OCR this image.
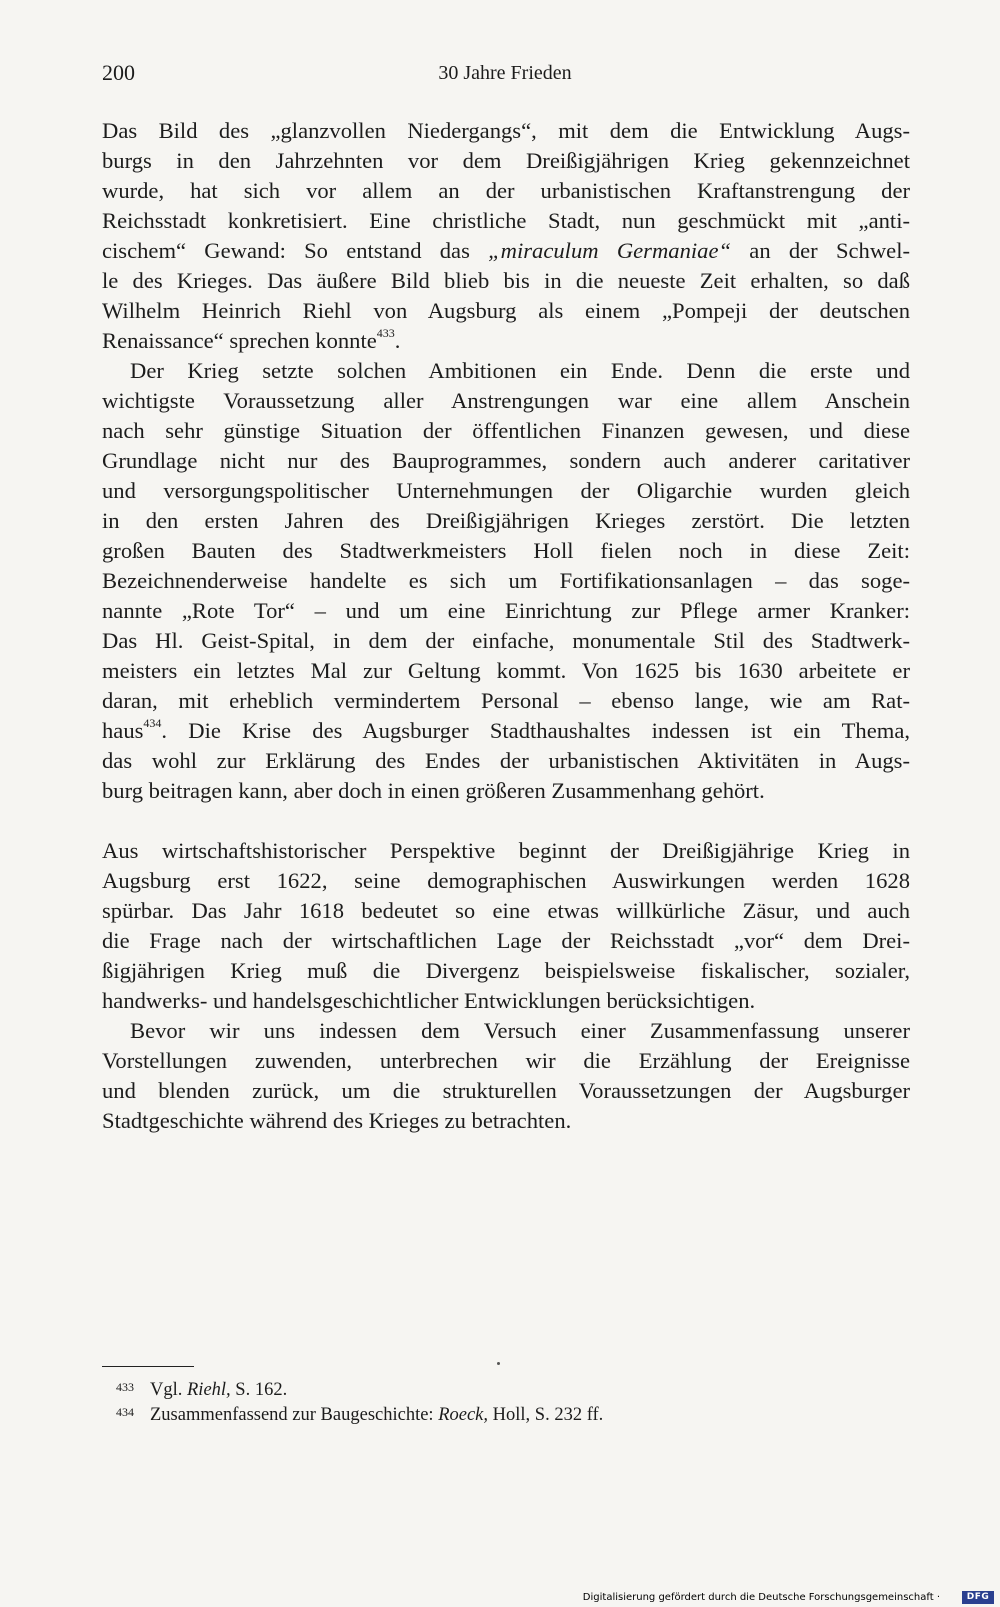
200	30 Jahre Frieden

Das Bild des „glanzvollen Niedergangs“, mit dem die Entwicklung Augs-
burgs in den Jahrzehnten vor dem Dreißigjährigen Krieg gekennzeichnet
wurde, hat sich vor allem an der urbanistischen Kraftanstrengung der
Reichsstadt konkretisiert. Eine christliche Stadt, nun geschmückt mit „anti-
cischem“ Gewand: So entstand das „miraculum Germaniae“ an der Schwel-
le des Krieges. Das äußere Bild blieb bis in die neueste Zeit erhalten, so daß
Wilhelm Heinrich Riehl von Augsburg als einem „Pompeji der deutschen
Renaissance“ sprechen konnte$^{433}$.

Der Krieg setzte solchen Ambitionen ein Ende. Denn die erste und
wichtigste Voraussetzung aller Anstrengungen war eine allem Anschein
nach sehr günstige Situation der öffentlichen Finanzen gewesen, und diese
Grundlage nicht nur des Bauprogrammes, sondern auch anderer caritativer
und versorgungspolitischer Unternehmungen der Oligarchie wurden gleich
in den ersten Jahren des Dreißigjährigen Krieges zerstört. Die letzten
großen Bauten des Stadtwerkmeisters Holl fielen noch in diese Zeit:
Bezeichnenderweise handelte es sich um Fortifikationsanlagen – das soge-
nannte „Rote Tor“ – und um eine Einrichtung zur Pflege armer Kranker:
Das Hl. Geist-Spital, in dem der einfache, monumentale Stil des Stadtwerk-
meisters ein letztes Mal zur Geltung kommt. Von 1625 bis 1630 arbeitete er
daran, mit erheblich vermindertem Personal – ebenso lange, wie am Rat-
haus$^{434}$. Die Krise des Augsburger Stadthaushaltes indessen ist ein Thema,
das wohl zur Erklärung des Endes der urbanistischen Aktivitäten in Augs-
burg beitragen kann, aber doch in einen größeren Zusammenhang gehört.

Aus wirtschaftshistorischer Perspektive beginnt der Dreißigjährige Krieg in
Augsburg erst 1622, seine demographischen Auswirkungen werden 1628
spürbar. Das Jahr 1618 bedeutet so eine etwas willkürliche Zäsur, und auch
die Frage nach der wirtschaftlichen Lage der Reichsstadt „vor“ dem Drei-
ßigjährigen Krieg muß die Divergenz beispielsweise fiskalischer, sozialer,
handwerks- und handelsgeschichtlicher Entwicklungen berücksichtigen.

Bevor wir uns indessen dem Versuch einer Zusammenfassung unserer
Vorstellungen zuwenden, unterbrechen wir die Erzählung der Ereignisse
und blenden zurück, um die strukturellen Voraussetzungen der Augsburger
Stadtgeschichte während des Krieges zu betrachten.

433 Vgl. Riehl, S. 162.
434 Zusammenfassend zur Baugeschichte: Roeck, Holl, S. 232 ff.
Digitalisierung gefördert durch die Deutsche Forschungsgemeinschaft ·	DFG
